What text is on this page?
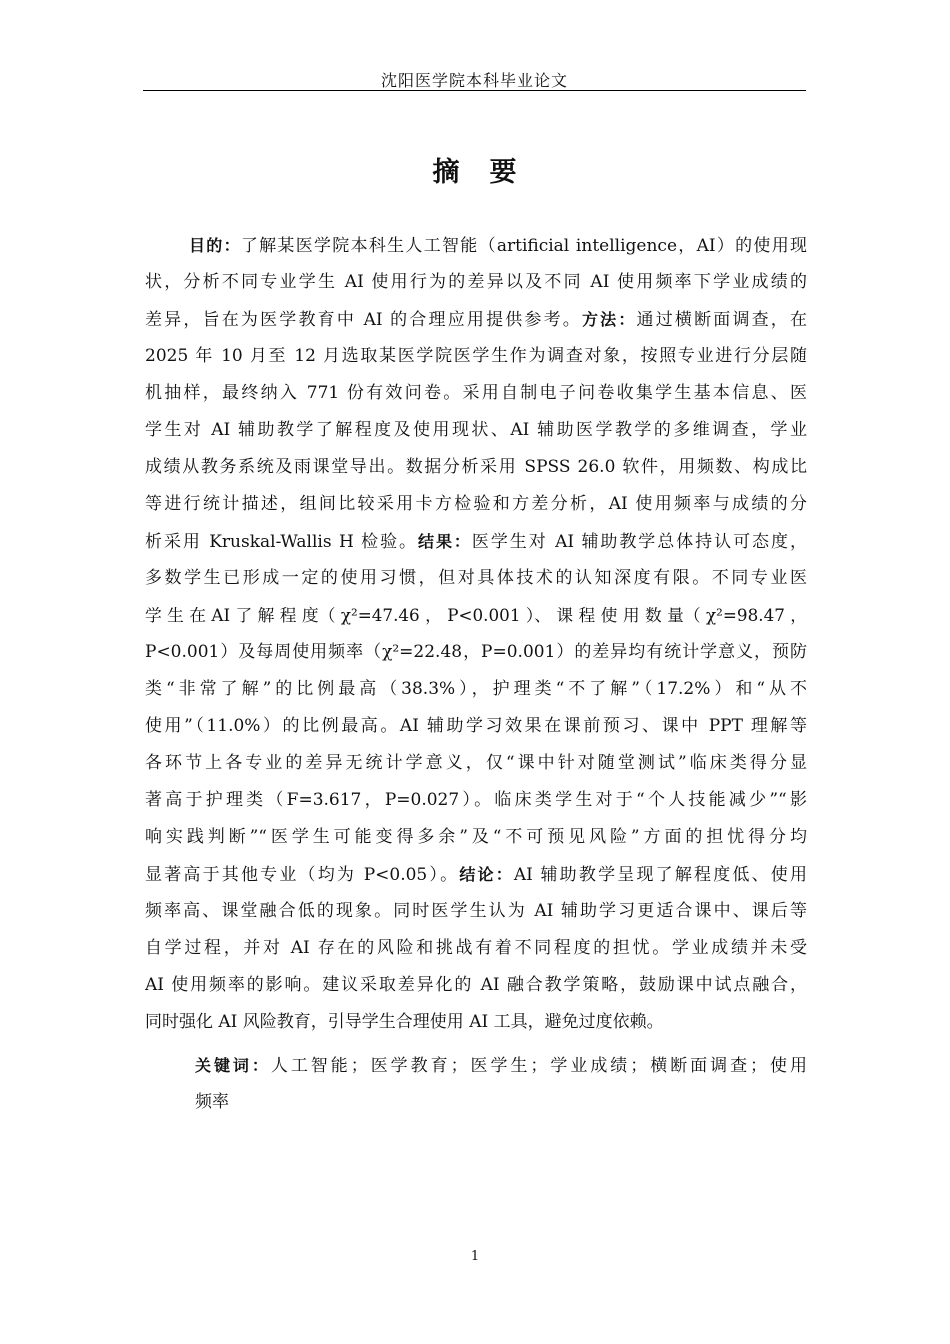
沈阳医学院本科毕业论文
摘 要
目的：了解某医学院本科生人工智能（artificial intelligence，AI）的使用现
状，分析不同专业学生 AI 使用行为的差异以及不同 AI 使用频率下学业成绩的
差异，旨在为医学教育中 AI 的合理应用提供参考。方法：通过横断面调查，在
2025 年 10 月至 12 月选取某医学院医学生作为调查对象，按照专业进行分层随
机抽样，最终纳入 771 份有效问卷。采用自制电子问卷收集学生基本信息、医
学生对 AI 辅助教学了解程度及使用现状、AI 辅助医学教学的多维调查，学业
成绩从教务系统及雨课堂导出。数据分析采用 SPSS 26.0 软件，用频数、构成比
等进行统计描述，组间比较采用卡方检验和方差分析，AI 使用频率与成绩的分
析采用 Kruskal-Wallis H 检验。结果：医学生对 AI 辅助教学总体持认可态度，
多数学生已形成一定的使用习惯，但对具体技术的认知深度有限。不同专业医
学 生 在 AI 了 解 程 度（ χ²=47.46 ， P<0.001 ）、 课 程 使 用 数 量（ χ²=98.47 ，
P<0.001）及每周使用频率（χ²=22.48，P=0.001）的差异均有统计学意义，预防
类“非常了解”的比例最高（38.3%），护理类“不了解”（17.2%）和“从不
使用”（11.0%）的比例最高。AI 辅助学习效果在课前预习、课中 PPT 理解等
各环节上各专业的差异无统计学意义，仅“课中针对随堂测试”临床类得分显
著高于护理类（F=3.617，P=0.027）。临床类学生对于“个人技能减少”“影
响实践判断”“医学生可能变得多余”及“不可预见风险”方面的担忧得分均
显著高于其他专业（均为 P<0.05）。结论：AI 辅助教学呈现了解程度低、使用
频率高、课堂融合低的现象。同时医学生认为 AI 辅助学习更适合课中、课后等
自学过程，并对 AI 存在的风险和挑战有着不同程度的担忧。学业成绩并未受
AI 使用频率的影响。建议采取差异化的 AI 融合教学策略，鼓励课中试点融合，
同时强化 AI 风险教育，引导学生合理使用 AI 工具，避免过度依赖。
关键词：人工智能；医学教育；医学生；学业成绩；横断面调查；使用
频率
1
